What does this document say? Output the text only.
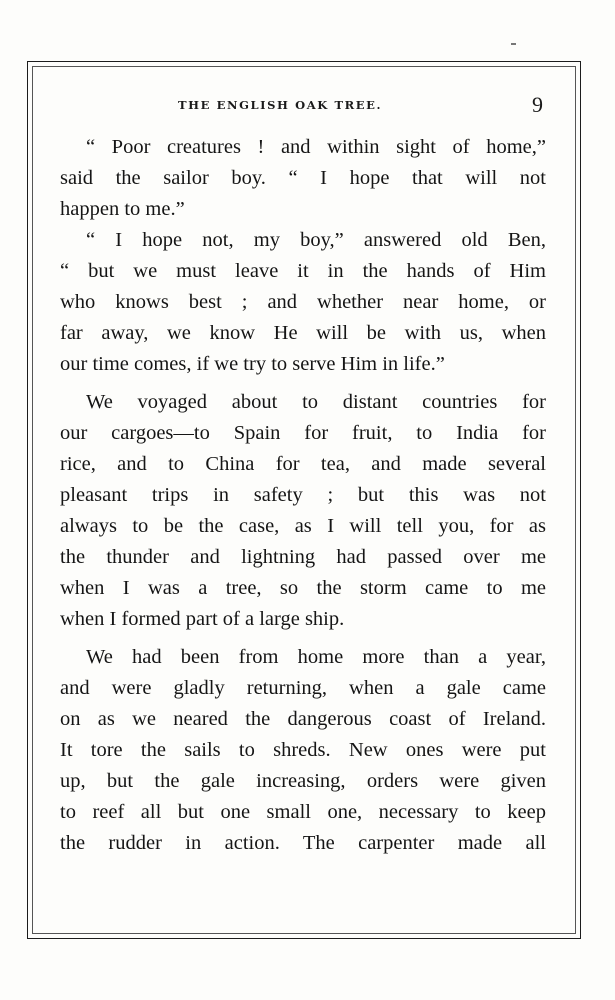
THE ENGLISH OAK TREE.	9
“ Poor creatures ! and within sight of home,”
said the sailor boy. “ I hope that will not
happen to me.”
“ I hope not, my boy,” answered old Ben,
“ but we must leave it in the hands of Him
who knows best ; and whether near home, or
far away, we know He will be with us, when
our time comes, if we try to serve Him in life.”
We voyaged about to distant countries for
our cargoes—to Spain for fruit, to India for
rice, and to China for tea, and made several
pleasant trips in safety ; but this was not
always to be the case, as I will tell you, for as
the thunder and lightning had passed over me
when I was a tree, so the storm came to me
when I formed part of a large ship.
We had been from home more than a year,
and were gladly returning, when a gale came
on as we neared the dangerous coast of Ireland.
It tore the sails to shreds. New ones were put
up, but the gale increasing, orders were given
to reef all but one small one, necessary to keep
the rudder in action. The carpenter made all
